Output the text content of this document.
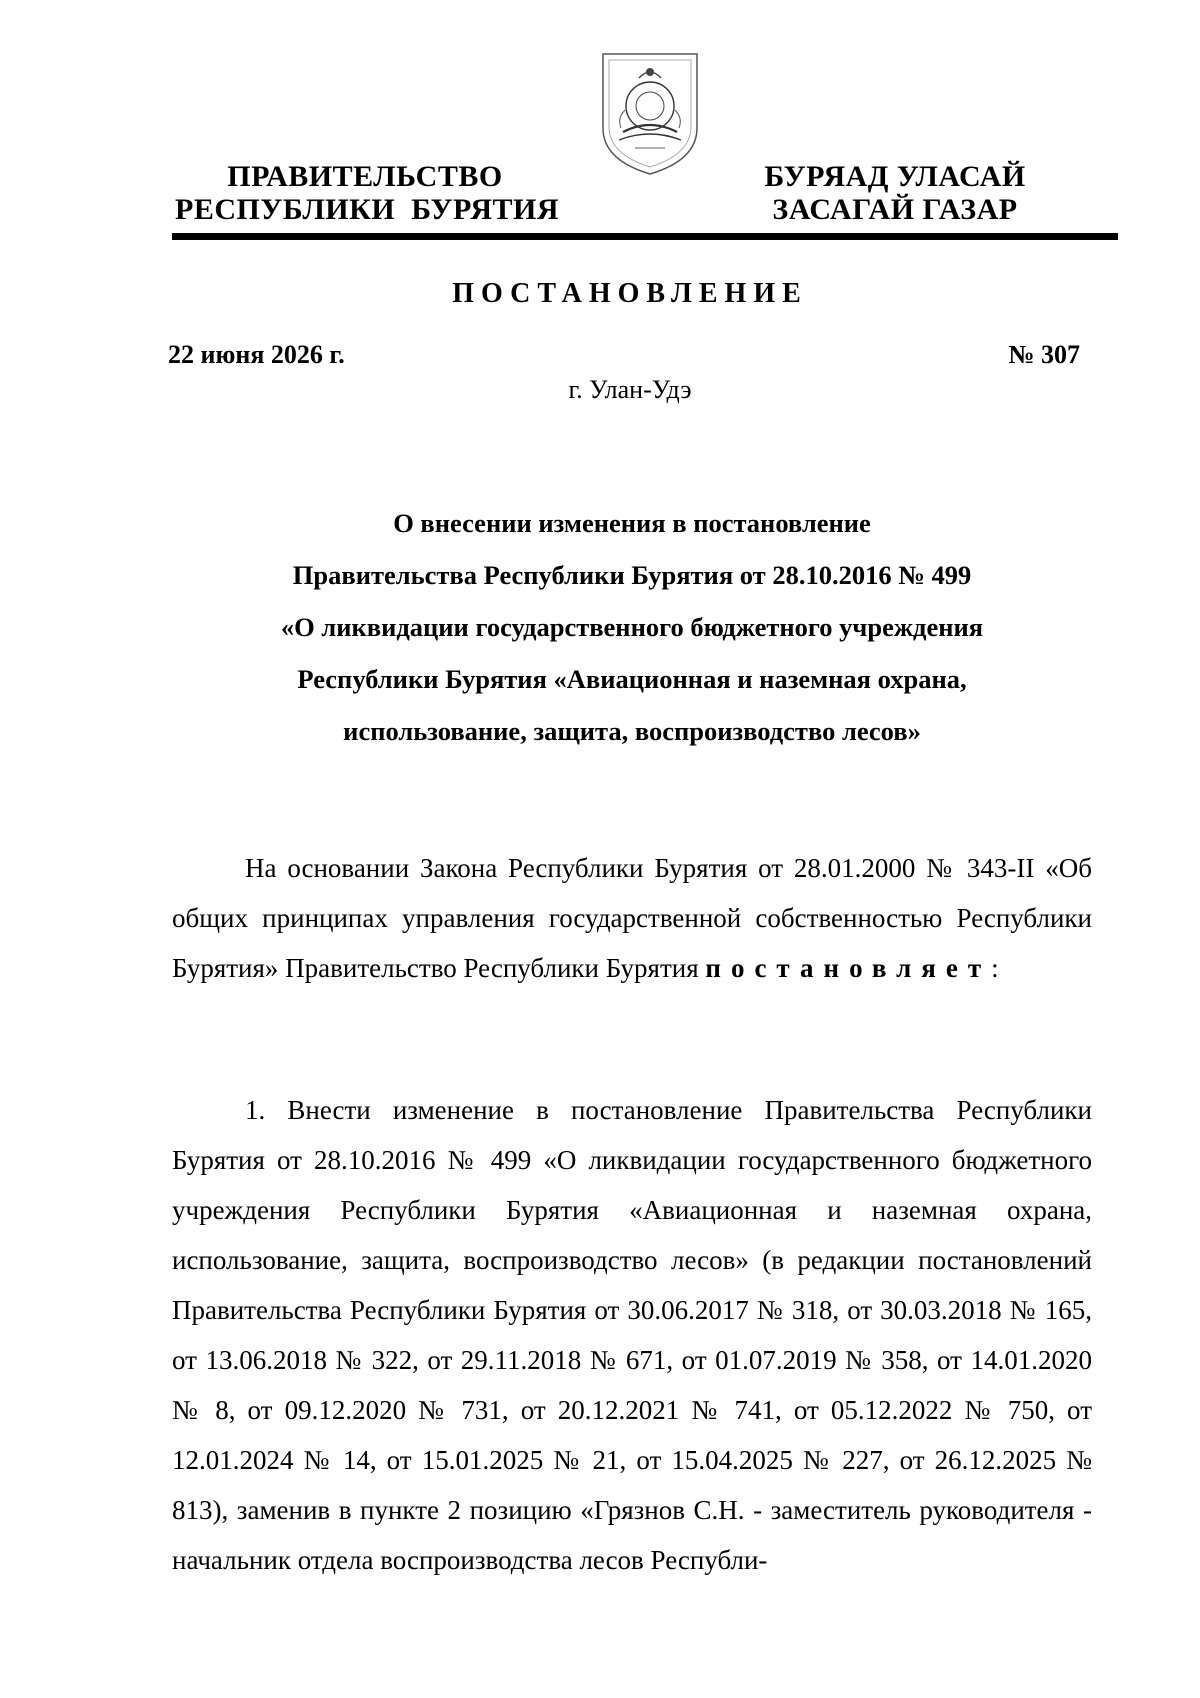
ПРАВИТЕЛЬСТВО
РЕСПУБЛИКИ  БУРЯТИЯ
БУРЯАД УЛАСАЙ
ЗАСАГАЙ ГАЗАР
ПОСТАНОВЛЕНИЕ
22 июня 2026 г.	№ 307
г. Улан-Удэ
О внесении изменения в постановление
Правительства Республики Бурятия от 28.10.2016 № 499
«О ликвидации государственного бюджетного учреждения
Республики Бурятия «Авиационная и наземная охрана,
использование, защита, воспроизводство лесов»
На основании Закона Республики Бурятия от 28.01.2000 № 343-II «Об общих принципах управления государственной собственностью Республики Бурятия» Правительство Республики Бурятия постановляет:
1. Внести изменение в постановление Правительства Республики Бурятия от 28.10.2016 № 499 «О ликвидации государственного бюджетного учреждения Республики Бурятия «Авиационная и наземная охрана, использование, защита, воспроизводство лесов» (в редакции постановлений Правительства Республики Бурятия от 30.06.2017 № 318, от 30.03.2018 № 165, от 13.06.2018 № 322, от 29.11.2018 № 671, от 01.07.2019 № 358, от 14.01.2020 № 8, от 09.12.2020 № 731, от 20.12.2021 № 741, от 05.12.2022 № 750, от 12.01.2024 № 14, от 15.01.2025 № 21, от 15.04.2025 № 227, от 26.12.2025 № 813), заменив в пункте 2 позицию «Грязнов С.Н. - заместитель руководителя - начальник отдела воспроизводства лесов Республи-
